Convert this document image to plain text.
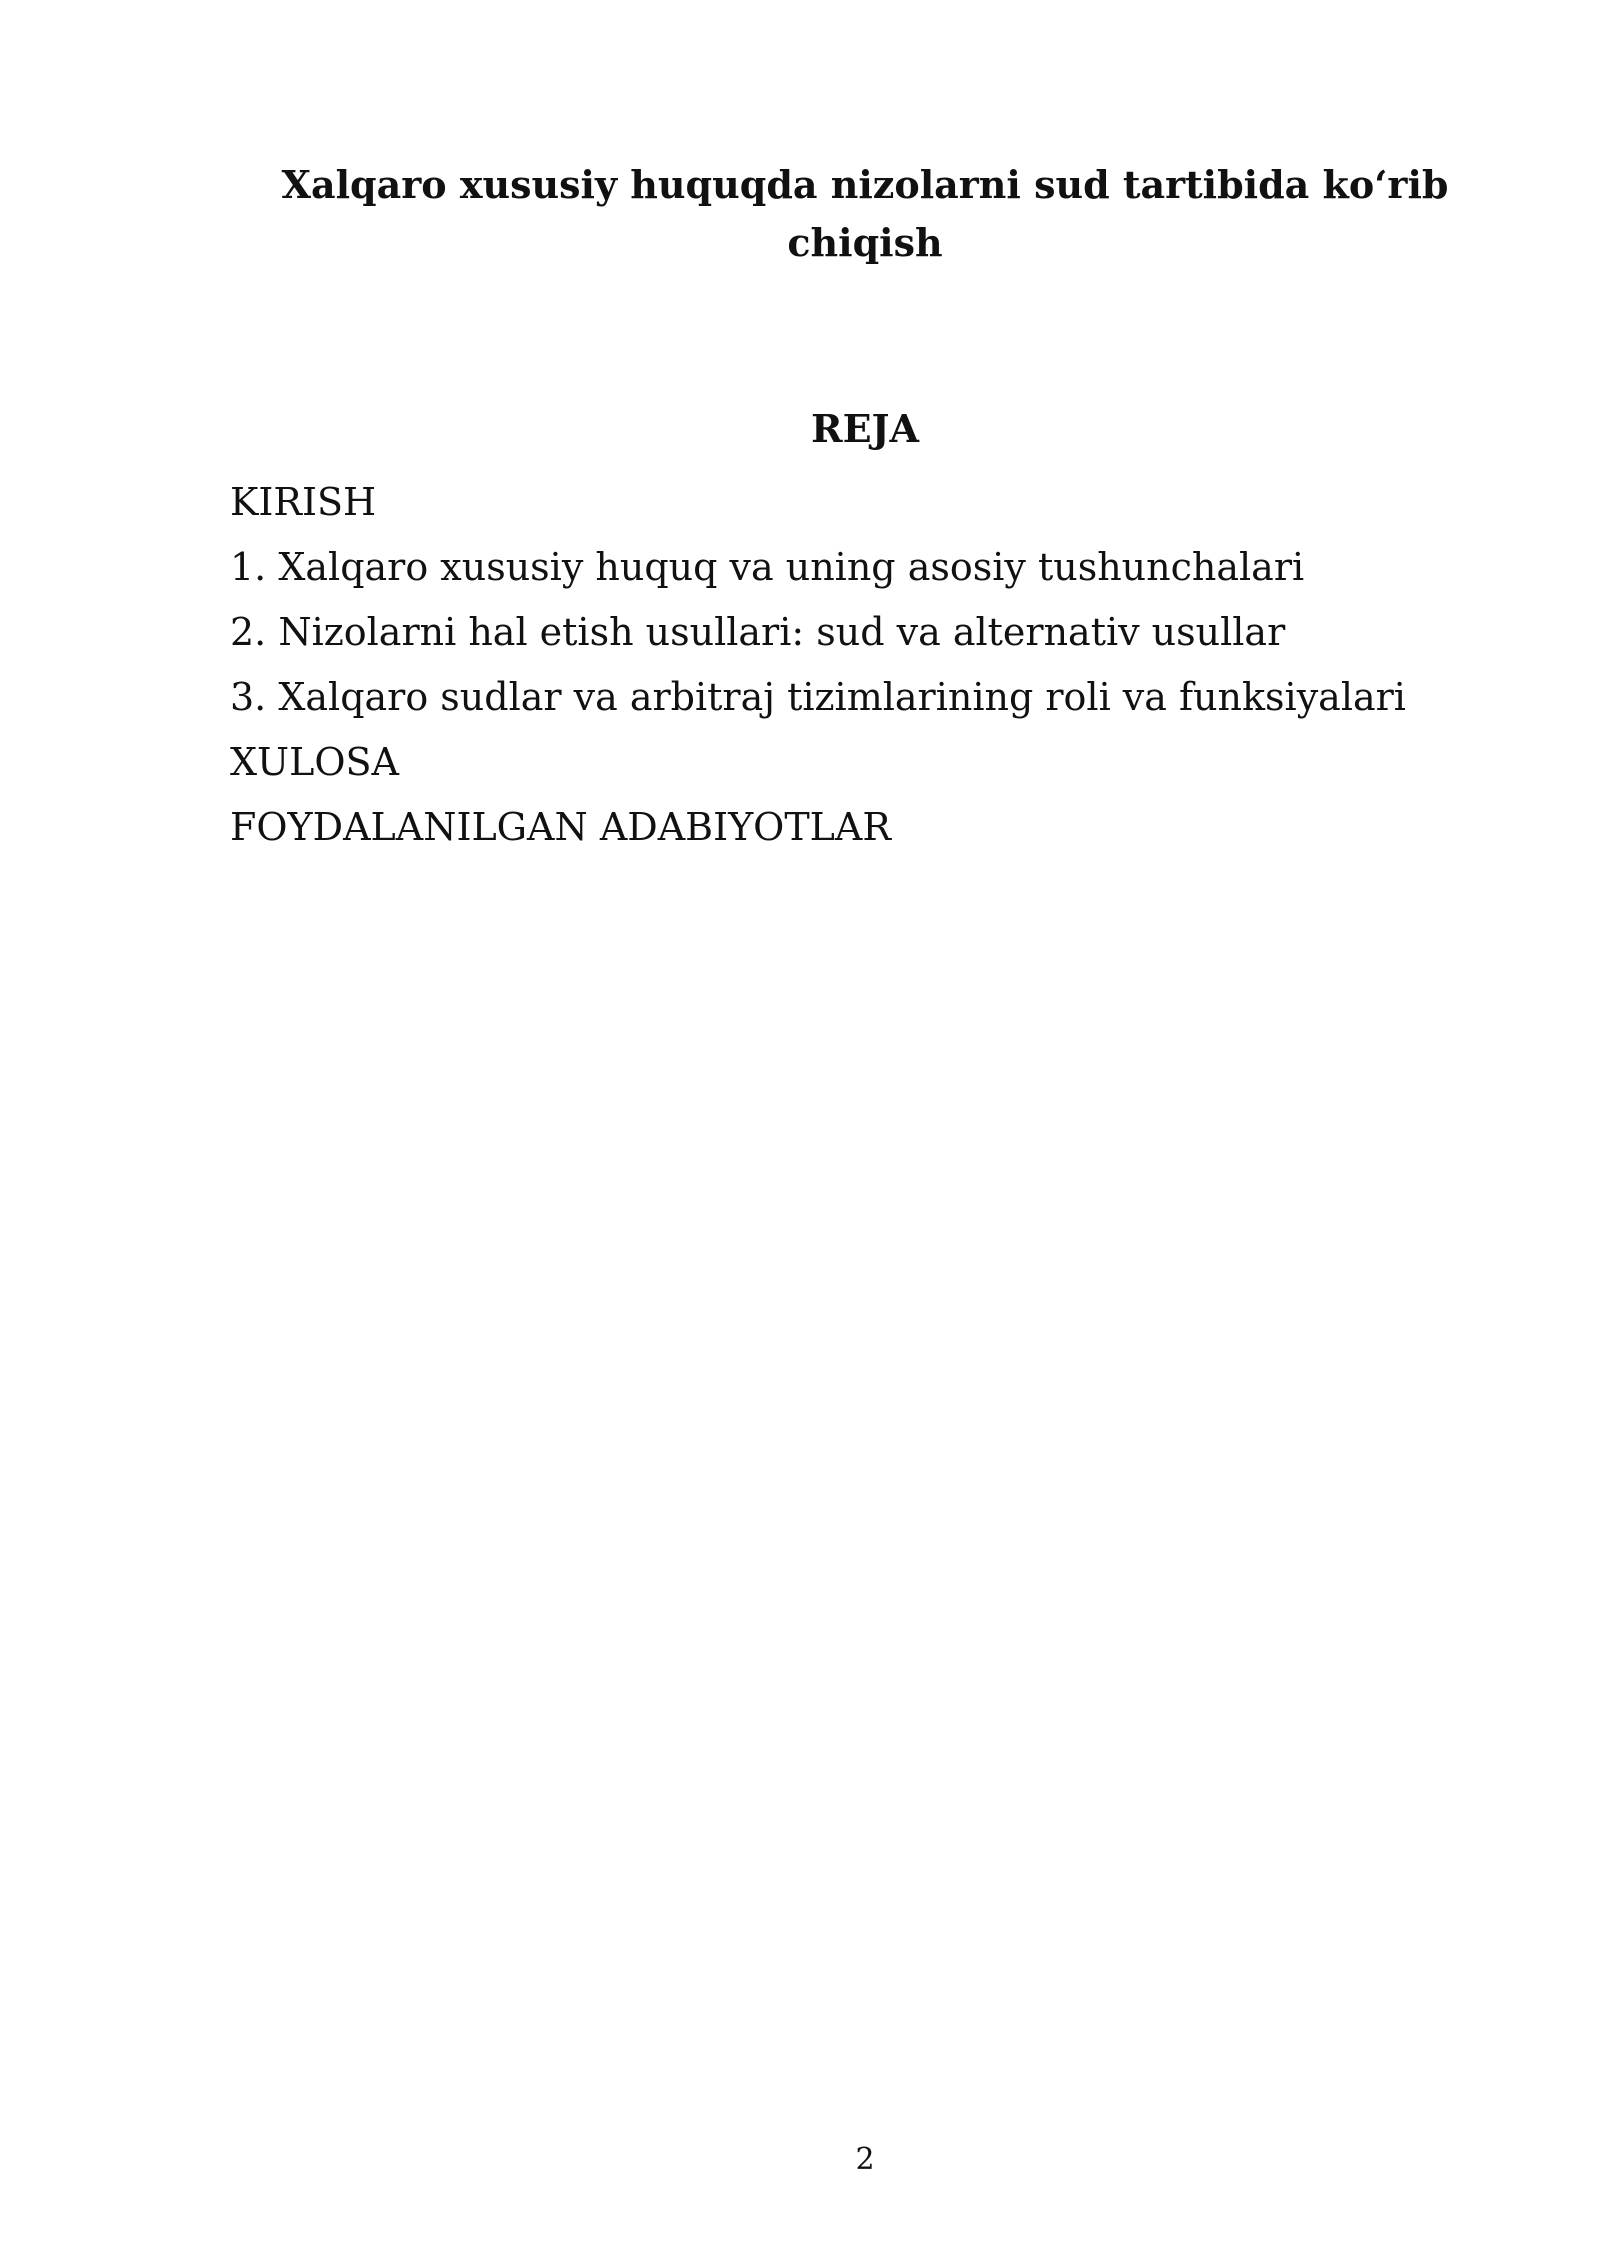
Xalqaro xususiy huquqda nizolarni sud tartibida ko‘rib chiqish
REJA
KIRISH
1. Xalqaro xususiy huquq va uning asosiy tushunchalari
2. Nizolarni hal etish usullari: sud va alternativ usullar
3. Xalqaro sudlar va arbitraj tizimlarining roli va funksiyalari
XULOSA
FOYDALANILGAN ADABIYOTLAR
2
